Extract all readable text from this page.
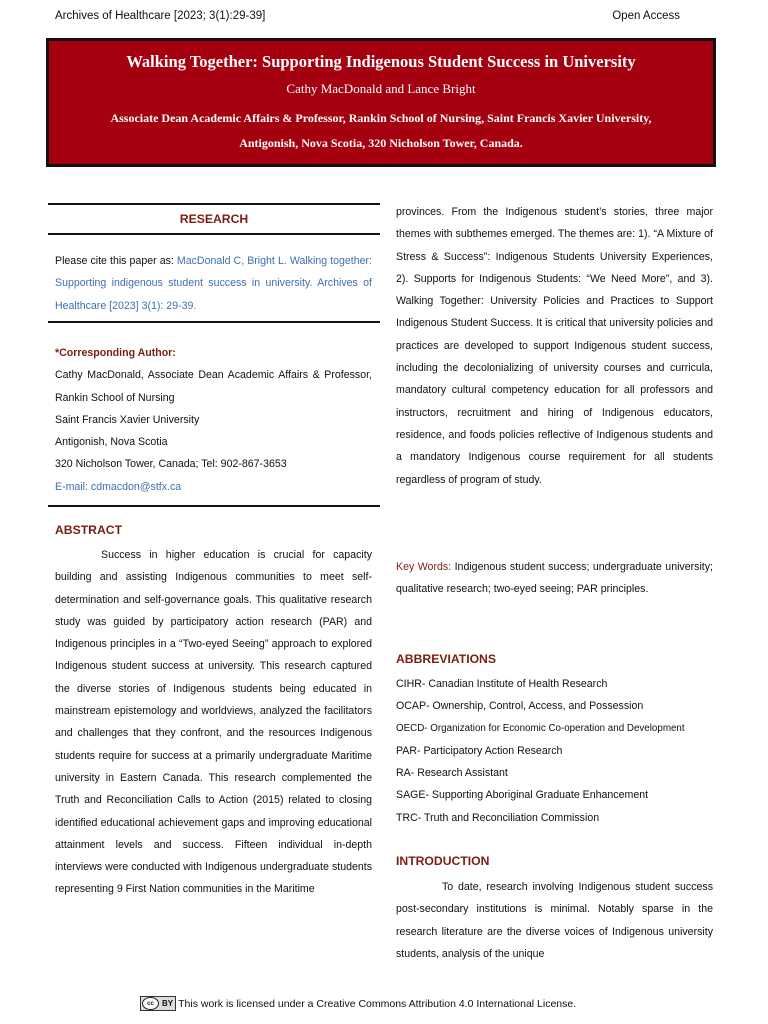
Archives of Healthcare [2023; 3(1):29-39]	Open Access
Walking Together: Supporting Indigenous Student Success in University
Cathy MacDonald and Lance Bright
Associate Dean Academic Affairs & Professor, Rankin School of Nursing, Saint Francis Xavier University,
Antigonish, Nova Scotia, 320 Nicholson Tower, Canada.
RESEARCH
Please cite this paper as: MacDonald C, Bright L. Walking together: Supporting indigenous student success in university. Archives of Healthcare [2023] 3(1): 29-39.
*Corresponding Author:
Cathy MacDonald, Associate Dean Academic Affairs & Professor, Rankin School of Nursing
Saint Francis Xavier University
Antigonish, Nova Scotia
320 Nicholson Tower, Canada; Tel: 902-867-3653
E-mail: cdmacdon@stfx.ca
ABSTRACT
Success in higher education is crucial for capacity building and assisting Indigenous communities to meet self-determination and self-governance goals. This qualitative research study was guided by participatory action research (PAR) and Indigenous principles in a “Two-eyed Seeing” approach to explored Indigenous student success at university. This research captured the diverse stories of Indigenous students being educated in mainstream epistemology and worldviews, analyzed the facilitators and challenges that they confront, and the resources Indigenous students require for success at a primarily undergraduate Maritime university in Eastern Canada. This research complemented the Truth and Reconciliation Calls to Action (2015) related to closing identified educational achievement gaps and improving educational attainment levels and success. Fifteen individual in-depth interviews were conducted with Indigenous undergraduate students representing 9 First Nation communities in the Maritime
provinces. From the Indigenous student’s stories, three major themes with subthemes emerged. The themes are: 1). “A Mixture of Stress & Success”: Indigenous Students University Experiences, 2). Supports for Indigenous Students: “We Need More”, and 3). Walking Together: University Policies and Practices to Support Indigenous Student Success. It is critical that university policies and practices are developed to support Indigenous student success, including the decolonializing of university courses and curricula, mandatory cultural competency education for all professors and instructors, recruitment and hiring of Indigenous educators, residence, and foods policies reflective of Indigenous students and a mandatory Indigenous course requirement for all students regardless of program of study.
Key Words: Indigenous student success; undergraduate university; qualitative research; two-eyed seeing; PAR principles.
ABBREVIATIONS
CIHR- Canadian Institute of Health Research
OCAP- Ownership, Control, Access, and Possession
OECD- Organization for Economic Co-operation and Development
PAR- Participatory Action Research
RA- Research Assistant
SAGE- Supporting Aboriginal Graduate Enhancement
TRC- Truth and Reconciliation Commission
INTRODUCTION
To date, research involving Indigenous student success post-secondary institutions is minimal. Notably sparse in the research literature are the diverse voices of Indigenous university students, analysis of the unique
cc	BY This work is licensed under a Creative Commons Attribution 4.0 International License.
